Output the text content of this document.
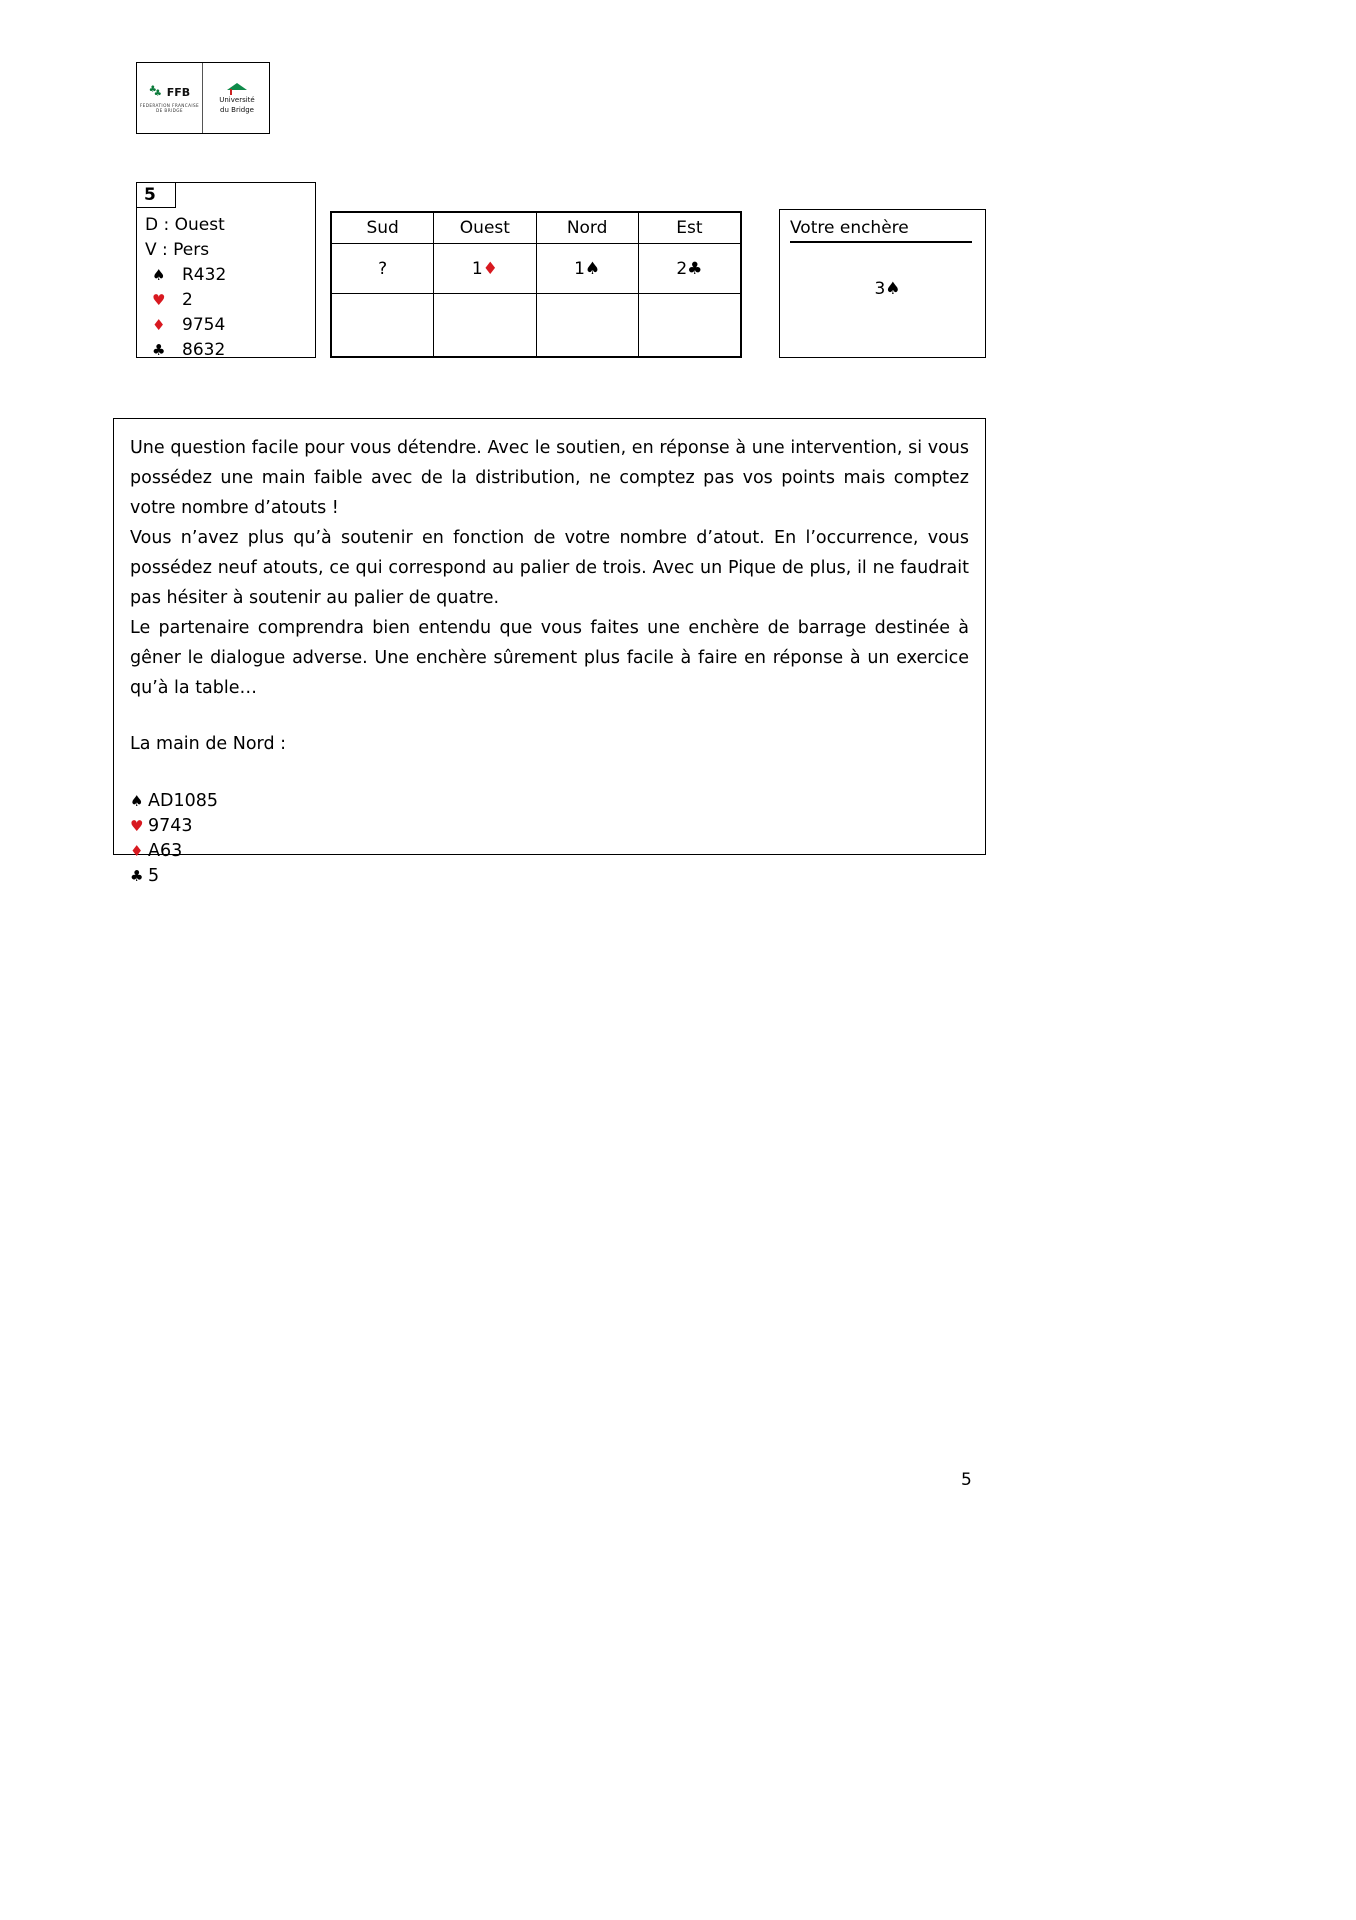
♣
♣ FFB
FEDERATION FRANCAISE DE BRIDGE
Université
du Bridge
5
D : Ouest
V : Pers
♠ R432
♥ 2
♦ 9754
♣ 8632
Sud	Ouest	Nord	Est
?	1♦	1♠	2♣

Votre enchère
3♠

Une question facile pour vous détendre. Avec le soutien, en réponse à une intervention, si vous possédez une main faible avec de la distribution, ne comptez pas vos points mais comptez votre nombre d’atouts !

Vous n’avez plus qu’à soutenir en fonction de votre nombre d’atout. En l’occurrence, vous possédez neuf atouts, ce qui correspond au palier de trois. Avec un Pique de plus, il ne faudrait pas hésiter à soutenir au palier de quatre.

Le partenaire comprendra bien entendu que vous faites une enchère de barrage destinée à gêner le dialogue adverse. Une enchère sûrement plus facile à faire en réponse à un exercice qu’à la table…

La main de Nord :

♠ AD1085
♥ 9743
♦ A63
♣ 5
5
